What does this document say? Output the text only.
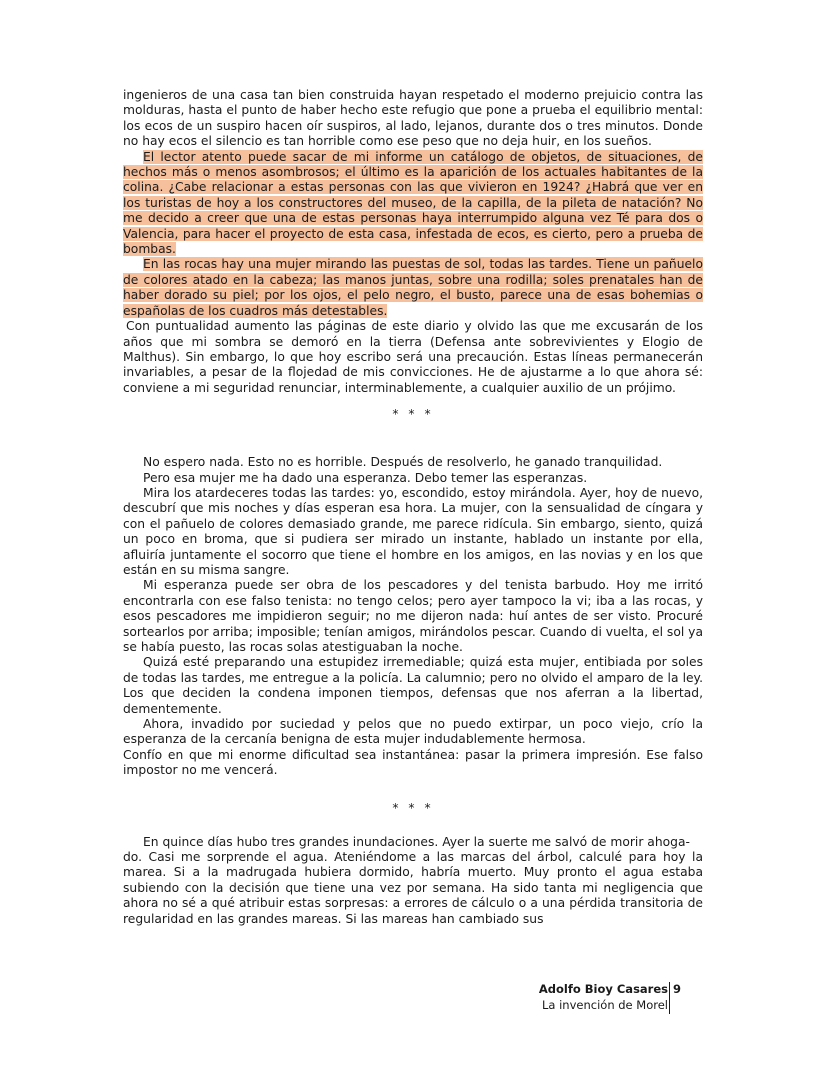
ingenieros de una casa tan bien construida hayan respetado el moderno prejuicio contra las molduras, hasta el punto de haber hecho este refugio que pone a prueba el equilibrio mental: los ecos de un suspiro hacen oír suspiros, al lado, lejanos, durante dos o tres minutos. Donde no hay ecos el silencio es tan horrible como ese peso que no deja huir, en los sueños.

El lector atento puede sacar de mi informe un catálogo de objetos, de situaciones, de hechos más o menos asombrosos; el último es la aparición de los actuales habitantes de la colina. ¿Cabe relacionar a estas personas con las que vivieron en 1924? ¿Habrá que ver en los turistas de hoy a los constructores del museo, de la capilla, de la pileta de natación? No me decido a creer que una de estas personas haya interrumpido alguna vez Té para dos o Valencia, para hacer el proyecto de esta casa, infestada de ecos, es cierto, pero a prueba de bombas.

En las rocas hay una mujer mirando las puestas de sol, todas las tardes. Tiene un pañuelo de colores atado en la cabeza; las manos juntas, sobre una rodilla; soles prenatales han de haber dorado su piel; por los ojos, el pelo negro, el busto, parece una de esas bohemias o españolas de los cuadros más detestables.

Con puntualidad aumento las páginas de este diario y olvido las que me excusarán de los años que mi sombra se demoró en la tierra (Defensa ante sobrevivientes y Elogio de Malthus). Sin embargo, lo que hoy escribo será una precaución. Estas líneas permanecerán invariables, a pesar de la flojedad de mis convicciones. He de ajustarme a lo que ahora sé: conviene a mi seguridad renunciar, interminablemente, a cualquier auxilio de un prójimo.

* * *

No espero nada. Esto no es horrible. Después de resolverlo, he ganado tranquilidad.

Pero esa mujer me ha dado una esperanza. Debo temer las esperanzas.

Mira los atardeceres todas las tardes: yo, escondido, estoy mirándola. Ayer, hoy de nuevo, descubrí que mis noches y días esperan esa hora. La mujer, con la sensualidad de cíngara y con el pañuelo de colores demasiado grande, me parece ridícula. Sin embargo, siento, quizá un poco en broma, que si pudiera ser mirado un instante, hablado un instante por ella, afluiría juntamente el socorro que tiene el hombre en los amigos, en las novias y en los que están en su misma sangre.

Mi esperanza puede ser obra de los pescadores y del tenista barbudo. Hoy me irritó encontrarla con ese falso tenista: no tengo celos; pero ayer tampoco la vi; iba a las rocas, y esos pescadores me impidieron seguir; no me dijeron nada: huí antes de ser visto. Procuré sortearlos por arriba; imposible; tenían amigos, mirándolos pescar. Cuando di vuelta, el sol ya se había puesto, las rocas solas atestiguaban la noche.

Quizá esté preparando una estupidez irremediable; quizá esta mujer, entibiada por soles de todas las tardes, me entregue a la policía. La calumnio; pero no olvido el amparo de la ley. Los que deciden la condena imponen tiempos, defensas que nos aferran a la libertad, dementemente.

Ahora, invadido por suciedad y pelos que no puedo extirpar, un poco viejo, crío la esperanza de la cercanía benigna de esta mujer indudablemente hermosa.

Confío en que mi enorme dificultad sea instantánea: pasar la primera impresión. Ese falso impostor no me vencerá.

* * *

En quince días hubo tres grandes inundaciones. Ayer la suerte me salvó de morir ahoga-

do. Casi me sorprende el agua. Ateniéndome a las marcas del árbol, calculé para hoy la marea. Si a la madrugada hubiera dormido, habría muerto. Muy pronto el agua estaba subiendo con la decisión que tiene una vez por semana. Ha sido tanta mi negligencia que ahora no sé a qué atribuir estas sorpresas: a errores de cálculo o a una pérdida transitoria de regularidad en las grandes mareas. Si las mareas han cambiado sus

Adolfo Bioy Casares
La invención de Morel
9
